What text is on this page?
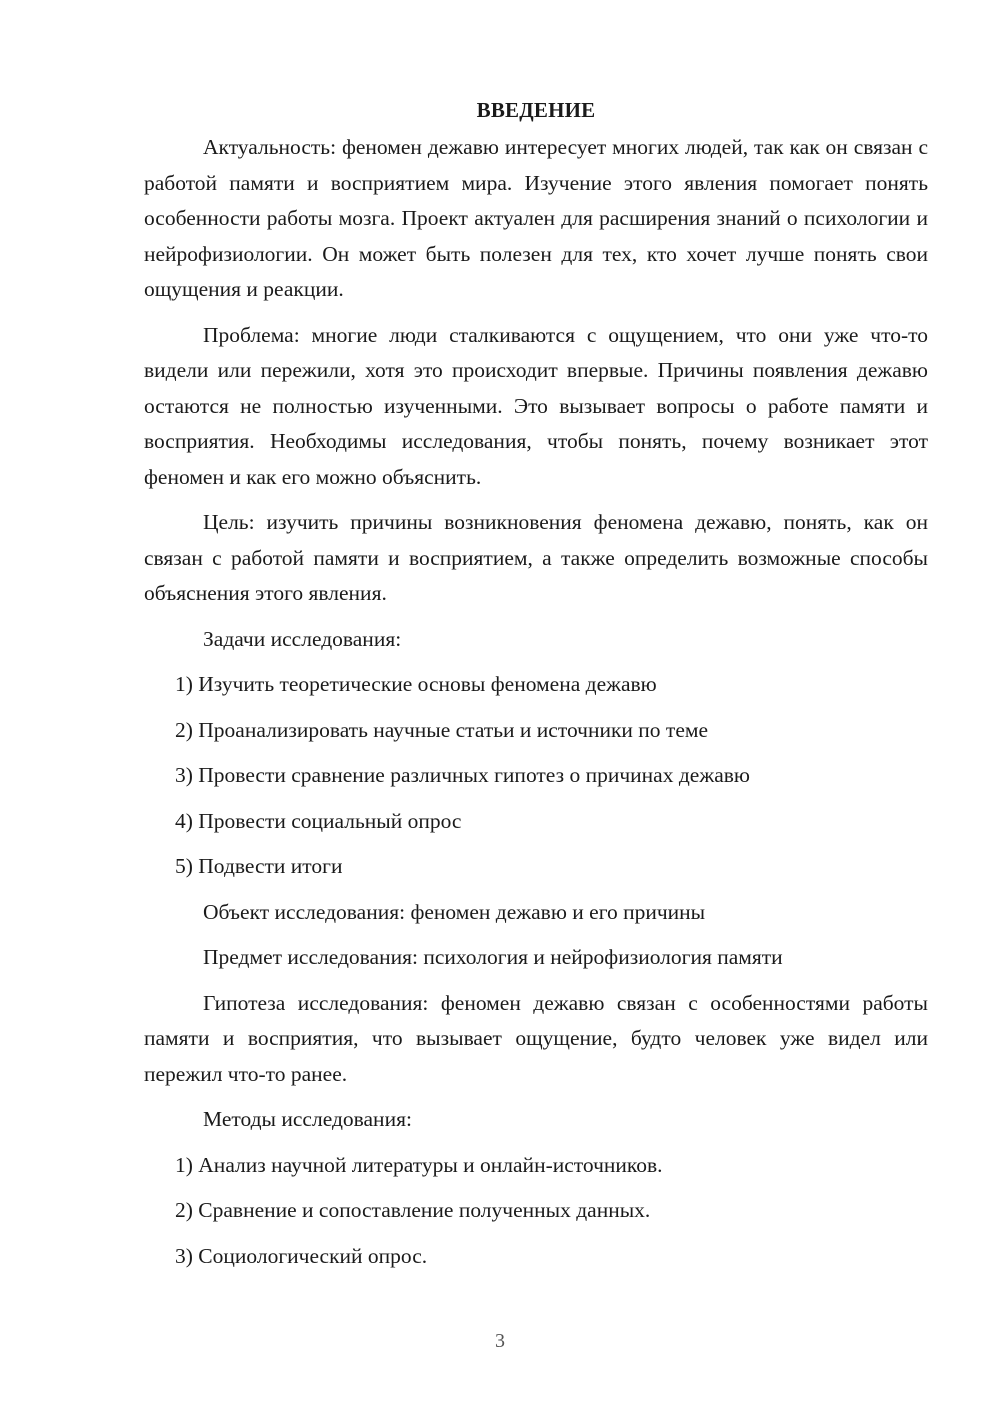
ВВЕДЕНИЕ

Актуальность: феномен дежавю интересует многих людей, так как он связан с работой памяти и восприятием мира. Изучение этого явления помогает понять особенности работы мозга. Проект актуален для расширения знаний о психологии и нейрофизиологии. Он может быть полезен для тех, кто хочет лучше понять свои ощущения и реакции.

Проблема: многие люди сталкиваются с ощущением, что они уже что-то видели или пережили, хотя это происходит впервые. Причины появления дежавю остаются не полностью изученными. Это вызывает вопросы о работе памяти и восприятия. Необходимы исследования, чтобы понять, почему возникает этот феномен и как его можно объяснить.

Цель: изучить причины возникновения феномена дежавю, понять, как он связан с работой памяти и восприятием, а также определить возможные способы объяснения этого явления.

Задачи исследования:

1) Изучить теоретические основы феномена дежавю
2) Проанализировать научные статьи и источники по теме
3) Провести сравнение различных гипотез о причинах дежавю
4) Провести социальный опрос
5) Подвести итоги

Объект исследования: феномен дежавю и его причины

Предмет исследования: психология и нейрофизиология памяти

Гипотеза исследования: феномен дежавю связан с особенностями работы памяти и восприятия, что вызывает ощущение, будто человек уже видел или пережил что-то ранее.

Методы исследования:

1) Анализ научной литературы и онлайн-источников.
2) Сравнение и сопоставление полученных данных.
3) Социологический опрос.
3
